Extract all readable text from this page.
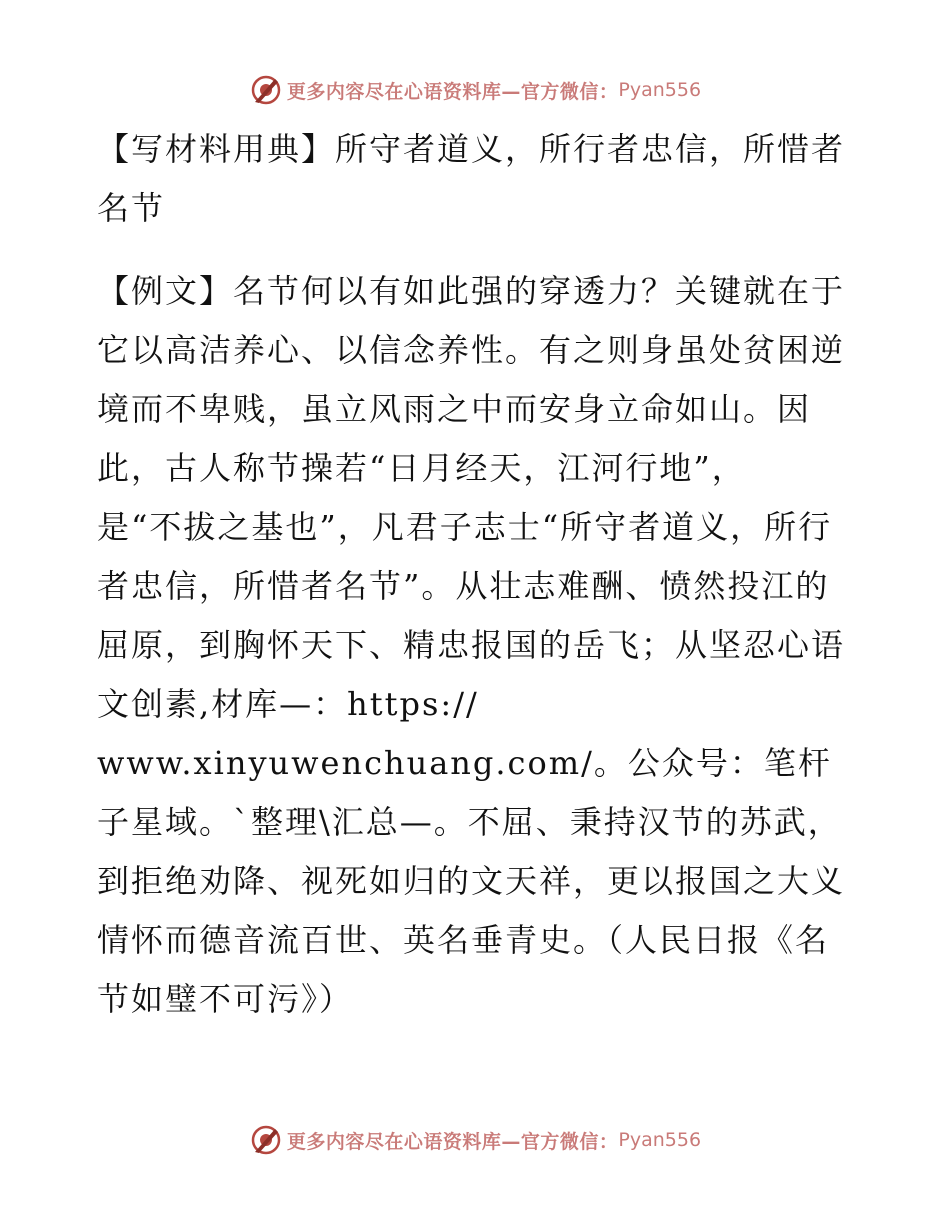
更多内容尽在心语资料库—官方微信： Pyan556

【写材料用典】所守者道义，所行者忠信，所惜者名节

【例文】名节何以有如此强的穿透力？关键就在于它以高洁养心、以信念养性。有之则身虽处贫困逆境而不卑贱，虽立风雨之中而安身立命如山。因此，古人称节操若“日月经天，江河行地”，
是“不拔之基也”，凡君子志士“所守者道义，所行者忠信，所惜者名节”。从壮志难酬、愤然投江的屈原，到胸怀天下、精忠报国的岳飞；从坚忍心语文创素,材库—：https://
www.xinyuwenchuang.com/。公众号：笔杆子星域。`整理\汇总—。不屈、秉持汉节的苏武，到拒绝劝降、视死如归的文天祥，更以报国之大义情怀而德音流百世、英名垂青史。（人民日报《名节如璧不可污》）

更多内容尽在心语资料库—官方微信： Pyan556
